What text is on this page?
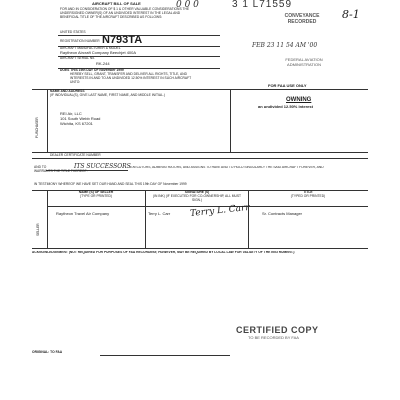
AIRCRAFT BILL OF SALE	0 0 0	3 1 L71559
8-1
FOR AND IN CONSIDERATION OF $ 1 & OTHER VALUABLE CONSIDERATIONS THE UNDERSIGNED OWNER(S) OF AN UNDIVIDED INTEREST IN THE LEGAL AND BENEFICIAL TITLE OF THE AIRCRAFT DESCRIBED AS FOLLOWS:
UNITED STATES
REGISTRATION NUMBER N793TA
AIRCRAFT MANUFACTURER & MODEL
Raytheon Aircraft Company Beechjet 400A
AIRCRAFT SERIAL No.
RK-244
DOES THIS 19th DAY OF November 1999
HEREBY SELL, GRANT, TRANSFER AND DELIVER ALL RIGHTS, TITLE, AND INTERESTS IN AND TO AN UNDIVIDED 12.50% INTEREST IN SUCH AIRCRAFT UNTO:
CONVEYANCE RECORDED
FEB 23 11 54 AM '00
FEDERAL AVIATION ADMINISTRATION
FOR FAA USE ONLY
PURCHASER
NAME AND ADDRESS
(IF INDIVIDUAL(S), GIVE LAST NAME, FIRST NAME, AND MIDDLE INITIAL.)
REI Air, LLC
101 South Webb Road
Wichita, KS 67201
OWNING
an undivided 12.50% Interest
DEALER CERTIFICATE NUMBER
AND TO	ITS SUCCESSORS EXECUTORS, ADMINISTRATORS, AND ASSIGNS TO HAVE AND TO HOLD SINGULARLY THE SAID AIRCRAFT FOREVER, AND
WARRANTS THE TITLE THEREOF:
IN TESTIMONY WHEREOF WE HAVE SET OUR HAND AND SEAL THIS 19th DAY OF November 1999
SELLER
NAME (S) OF SELLER
(TYPE OR PRINTED)
SIGNATURE (S)
(IN INK) (IF EXECUTED FOR CO-OWNERSHIP, ALL MUST SIGN.)
TITLE
(TYPED OR PRINTED)
Raytheon Travel Air Company	Terry L. Carr Terry L. Carr	Sr. Contracts Manager
ACKNOWLEDGEMENT (NOT REQUIRED FOR PURPOSES OF FAA RECORDING; HOWEVER, MAY BE REQUIRED BY LOCAL LAW FOR VALIDITY OF THE INSTRUMENT.)
CERTIFIED COPY
TO BE RECORDED BY FAA
ORIGINAL: TO FAA
